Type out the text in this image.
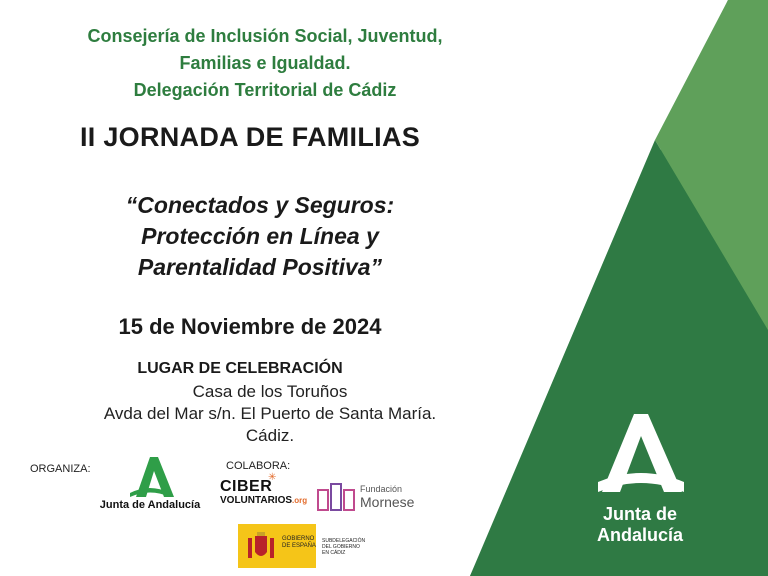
Consejería de Inclusión Social, Juventud,

Familias e Igualdad.

Delegación Territorial de Cádiz

II JORNADA DE FAMILIAS

“Conectados y Seguros:

Protección en Línea y

Parentalidad Positiva”

15 de Noviembre de 2024

LUGAR DE CELEBRACIÓN

Casa de los Toruños

Avda del Mar s/n. El Puerto de Santa María.

Cádiz.

ORGANIZA:	COLABORA:

Junta de Andalucía
✳
CIBER
VOLUNTARIOS.org
Fundación
Mornese
GOBIERNO
DE ESPAÑA
SUBDELEGACIÓN
DEL GOBIERNO
EN CÁDIZ
Junta de Andalucía
